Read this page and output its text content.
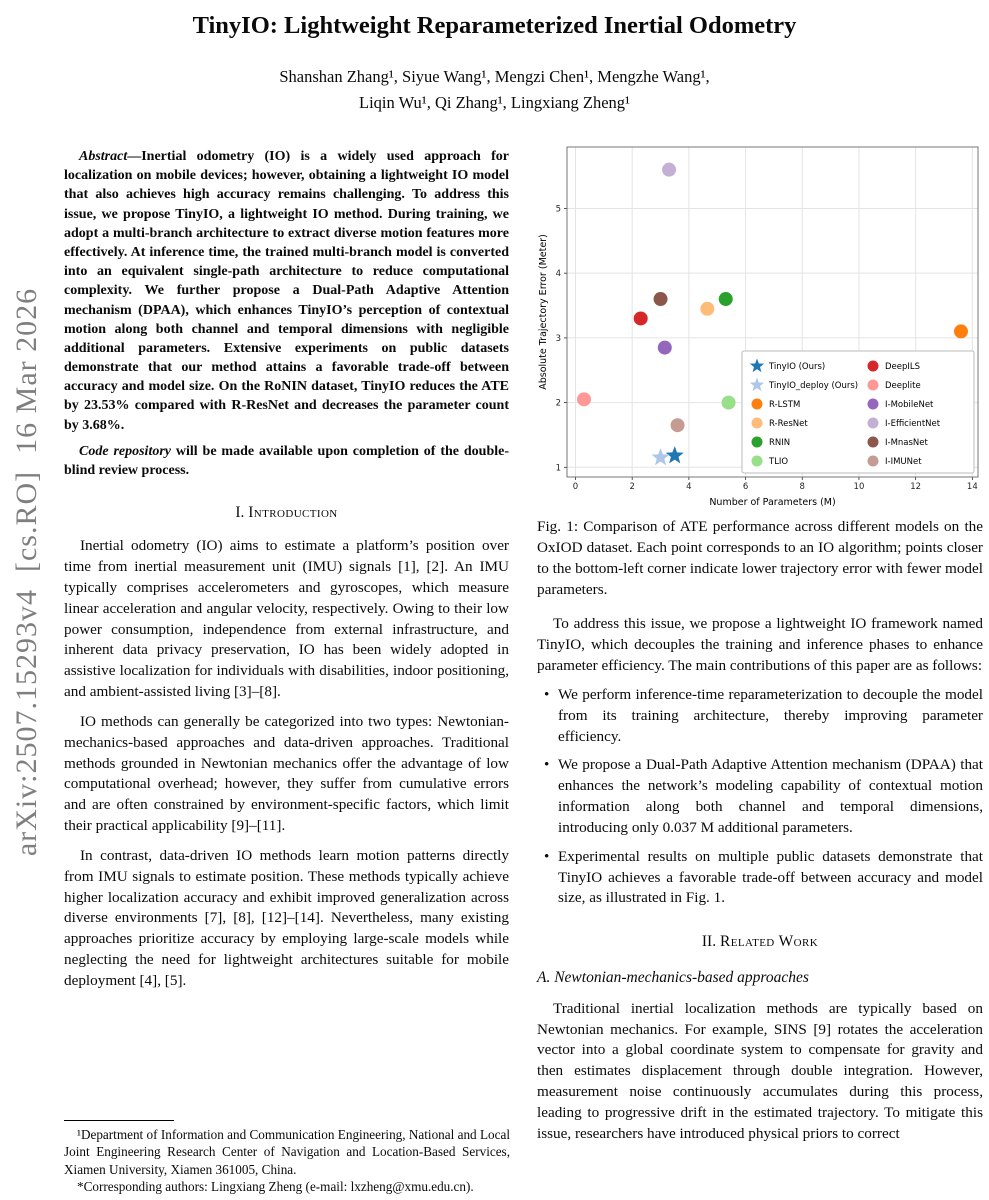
arXiv:2507.15293v4  [cs.RO]  16 Mar 2026
TinyIO: Lightweight Reparameterized Inertial Odometry
Shanshan Zhang¹, Siyue Wang¹, Mengzi Chen¹, Mengzhe Wang¹,
Liqin Wu¹, Qi Zhang¹, Lingxiang Zheng¹

Abstract—Inertial odometry (IO) is a widely used approach for localization on mobile devices; however, obtaining a lightweight IO model that also achieves high accuracy remains challenging. To address this issue, we propose TinyIO, a lightweight IO method. During training, we adopt a multi-branch architecture to extract diverse motion features more effectively. At inference time, the trained multi-branch model is converted into an equivalent single-path architecture to reduce computational complexity. We further propose a Dual-Path Adaptive Attention mechanism (DPAA), which enhances TinyIO’s perception of contextual motion along both channel and temporal dimensions with negligible additional parameters. Extensive experiments on public datasets demonstrate that our method attains a favorable trade-off between accuracy and model size. On the RoNIN dataset, TinyIO reduces the ATE by 23.53% compared with R-ResNet and decreases the parameter count by 3.68%.

Code repository will be made available upon completion of the double-blind review process.

I. Introduction

Inertial odometry (IO) aims to estimate a platform’s position over time from inertial measurement unit (IMU) signals [1], [2]. An IMU typically comprises accelerometers and gyroscopes, which measure linear acceleration and angular velocity, respectively. Owing to their low power consumption, independence from external infrastructure, and inherent data privacy preservation, IO has been widely adopted in assistive localization for individuals with disabilities, indoor positioning, and ambient-assisted living [3]–[8].

IO methods can generally be categorized into two types: Newtonian-mechanics-based approaches and data-driven approaches. Traditional methods grounded in Newtonian mechanics offer the advantage of low computational overhead; however, they suffer from cumulative errors and are often constrained by environment-specific factors, which limit their practical applicability [9]–[11].

In contrast, data-driven IO methods learn motion patterns directly from IMU signals to estimate position. These methods typically achieve higher localization accuracy and exhibit improved generalization across diverse environments [7], [8], [12]–[14]. Nevertheless, many existing approaches prioritize accuracy by employing large-scale models while neglecting the need for lightweight architectures suitable for mobile deployment [4], [5].

0	2	4	6	8	10	12	14
Number of Parameters (M)
1
2
3
4
5
Absolute Trajectory Error (Meter)	TinyIO (Ours)
TinyIO_deploy (Ours)
R-LSTM
R-ResNet
RNIN
TLIO
DeepILS
Deeplite
I-MobileNet
I-EfficientNet
I-MnasNet
I-IMUNet

Fig. 1: Comparison of ATE performance across different models on the OxIOD dataset. Each point corresponds to an IO algorithm; points closer to the bottom-left corner indicate lower trajectory error with fewer model parameters.

To address this issue, we propose a lightweight IO framework named TinyIO, which decouples the training and inference phases to enhance parameter efficiency. The main contributions of this paper are as follows:

• We perform inference-time reparameterization to decouple the model from its training architecture, thereby improving parameter efficiency.
• We propose a Dual-Path Adaptive Attention mechanism (DPAA) that enhances the network’s modeling capability of contextual motion information along both channel and temporal dimensions, introducing only 0.037 M additional parameters.
• Experimental results on multiple public datasets demonstrate that TinyIO achieves a favorable trade-off between accuracy and model size, as illustrated in Fig. 1.
II. Related Work
A. Newtonian-mechanics-based approaches

Traditional inertial localization methods are typically based on Newtonian mechanics. For example, SINS [9] rotates the acceleration vector into a global coordinate system to compensate for gravity and then estimates displacement through double integration. However, measurement noise continuously accumulates during this process, leading to progressive drift in the estimated trajectory. To mitigate this issue, researchers have introduced physical priors to correct

¹Department of Information and Communication Engineering, National and Local Joint Engineering Research Center of Navigation and Location-Based Services, Xiamen University, Xiamen 361005, China.

*Corresponding authors: Lingxiang Zheng (e-mail: lxzheng@xmu.edu.cn).
